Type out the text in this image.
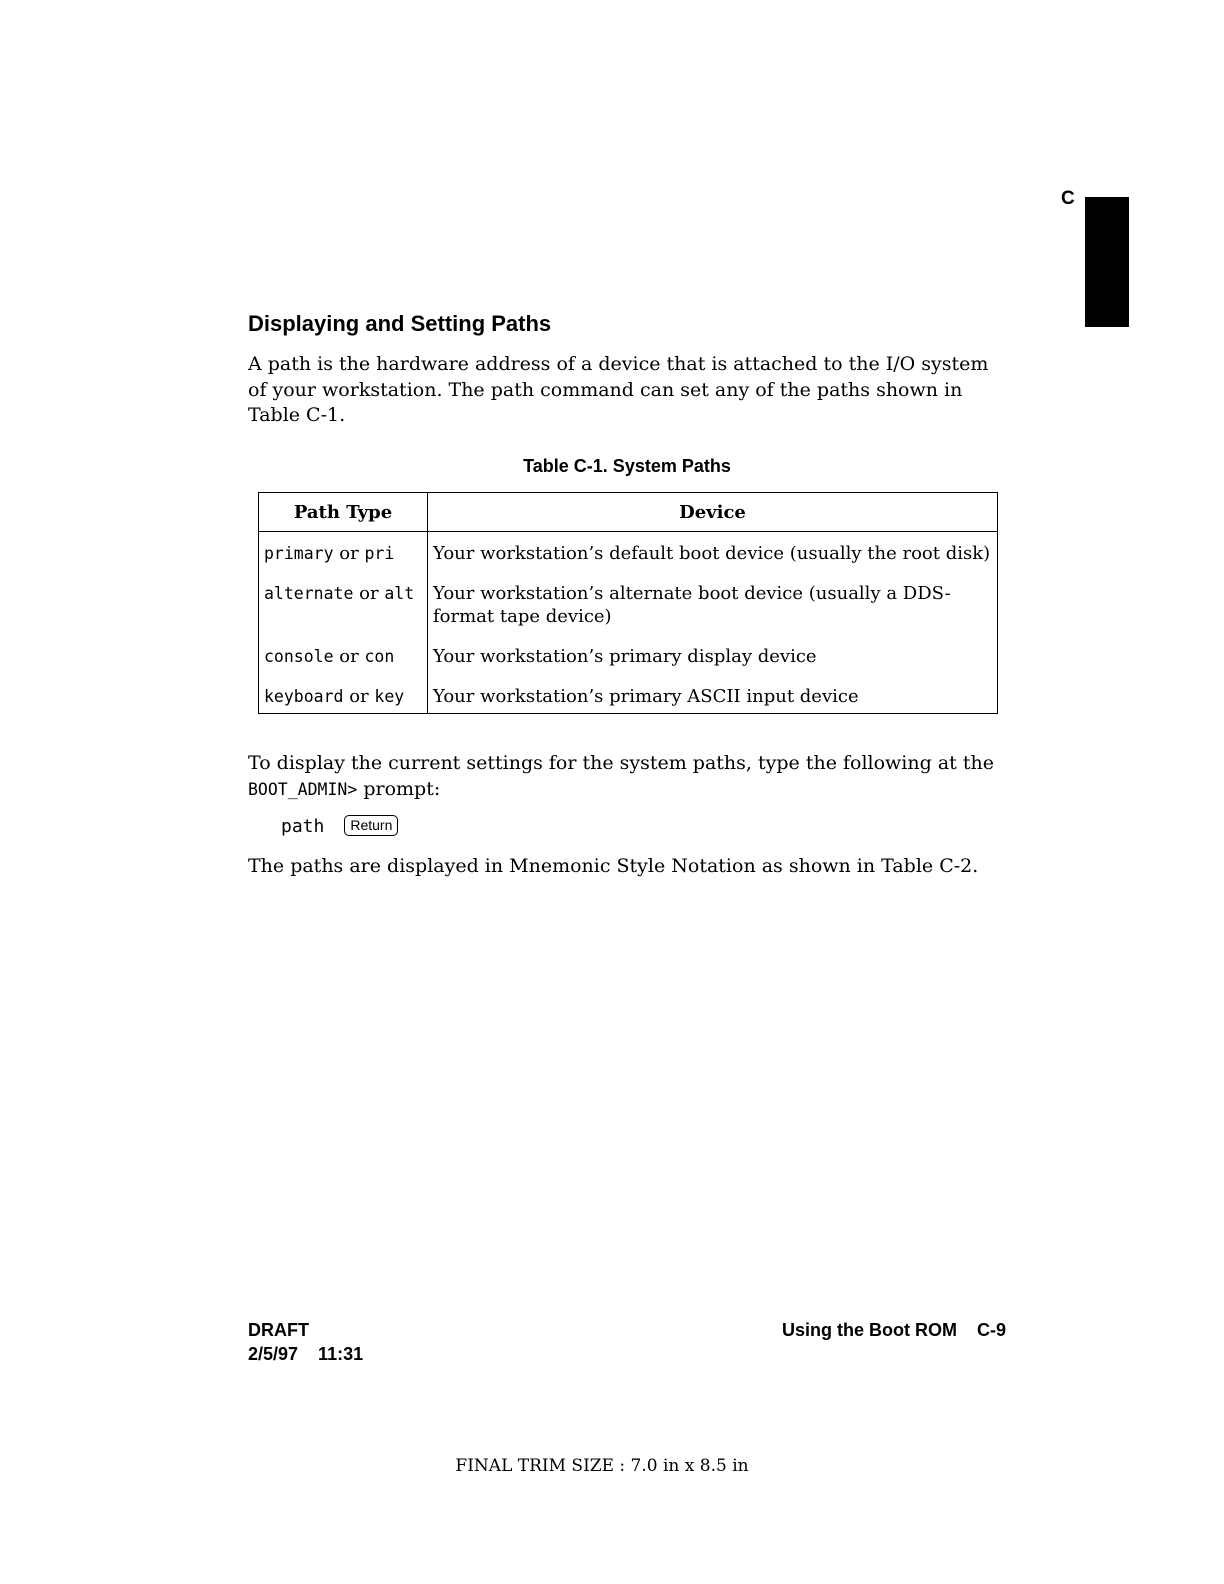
C
Displaying and Setting Paths

A path is the hardware address of a device that is attached to the I/O system of your workstation. The path command can set any of the paths shown in Table C-1.

Table C-1. System Paths
Path Type	Device
primary or pri	Your workstation’s default boot device (usually the root disk)
alternate or alt	Your workstation’s alternate boot device (usually a DDS-format tape device)
console or con	Your workstation’s primary display device
keyboard or key	Your workstation’s primary ASCII input device

To display the current settings for the system paths, type the following at the
BOOT_ADMIN> prompt:

path Return

The paths are displayed in Mnemonic Style Notation as shown in Table C-2.

DRAFT
2/5/97 11:31
Using the Boot ROM C-9
FINAL TRIM SIZE : 7.0 in x 8.5 in
